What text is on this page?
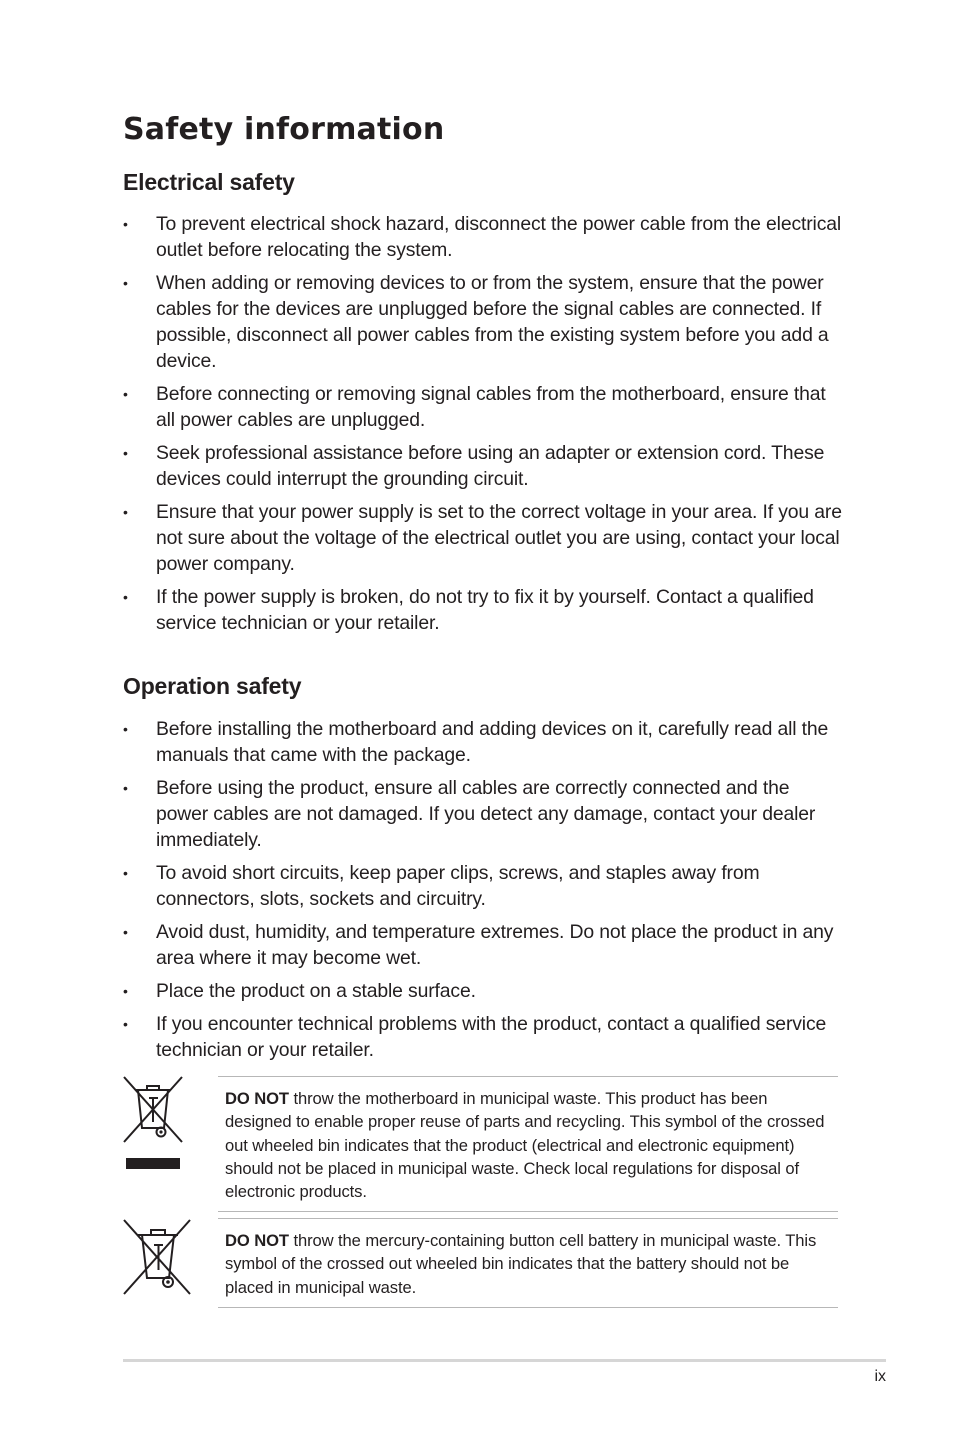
Safety information
Electrical safety
• To prevent electrical shock hazard, disconnect the power cable from the electrical outlet before relocating the system.
• When adding or removing devices to or from the system, ensure that the power cables for the devices are unplugged before the signal cables are connected. If possible, disconnect all power cables from the existing system before you add a device.
• Before connecting or removing signal cables from the motherboard, ensure that all power cables are unplugged.
• Seek professional assistance before using an adapter or extension cord. These devices could interrupt the grounding circuit.
• Ensure that your power supply is set to the correct voltage in your area. If you are not sure about the voltage of the electrical outlet you are using, contact your local power company.
• If the power supply is broken, do not try to fix it by yourself. Contact a qualified service technician or your retailer.
Operation safety
• Before installing the motherboard and adding devices on it, carefully read all the manuals that came with the package.
• Before using the product, ensure all cables are correctly connected and the power cables are not damaged. If you detect any damage, contact your dealer immediately.
• To avoid short circuits, keep paper clips, screws, and staples away from connectors, slots, sockets and circuitry.
• Avoid dust, humidity, and temperature extremes. Do not place the product in any area where it may become wet.
• Place the product on a stable surface.
• If you encounter technical problems with the product, contact a qualified service technician or your retailer.
DO NOT throw the motherboard in municipal waste. This product has been designed to enable proper reuse of parts and recycling. This symbol of the crossed out wheeled bin indicates that the product (electrical and electronic equipment) should not be placed in municipal waste. Check local regulations for disposal of electronic products.
DO NOT throw the mercury-containing button cell battery in municipal waste. This symbol of the crossed out wheeled bin indicates that the battery should not be placed in municipal waste.
ix
